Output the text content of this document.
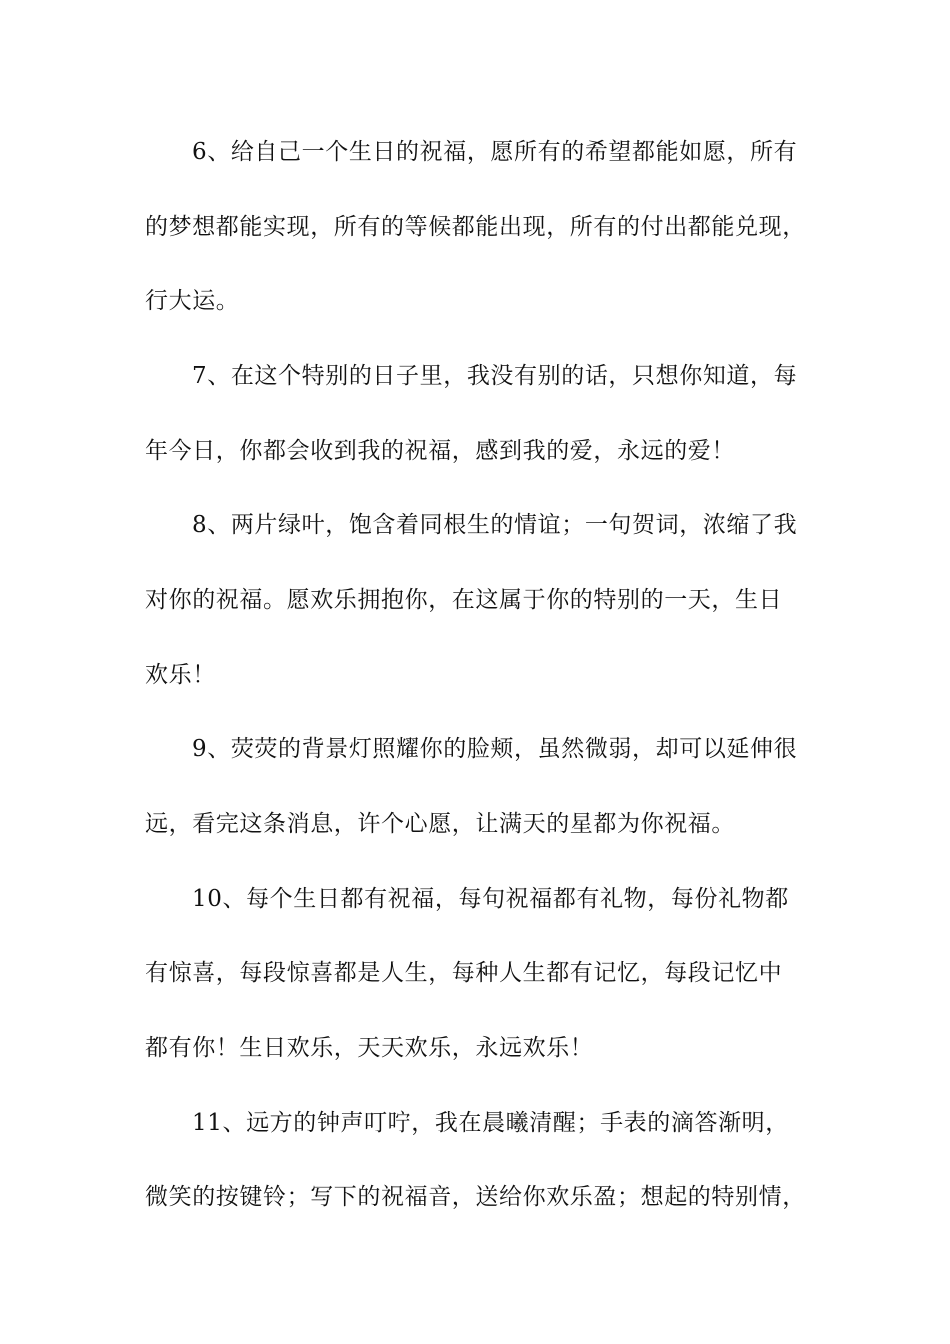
6、给自己一个生日的祝福，愿所有的希望都能如愿，所有
的梦想都能实现，所有的等候都能出现，所有的付出都能兑现，
行大运。
7、在这个特别的日子里，我没有别的话，只想你知道，每
年今日，你都会收到我的祝福，感到我的爱，永远的爱！
8、两片绿叶，饱含着同根生的情谊；一句贺词，浓缩了我
对你的祝福。愿欢乐拥抱你，在这属于你的特别的一天，生日
欢乐！
9、荧荧的背景灯照耀你的脸颊，虽然微弱，却可以延伸很
远，看完这条消息，许个心愿，让满天的星都为你祝福。
10、每个生日都有祝福，每句祝福都有礼物，每份礼物都
有惊喜，每段惊喜都是人生，每种人生都有记忆，每段记忆中
都有你！生日欢乐，天天欢乐，永远欢乐！
11、远方的钟声叮咛，我在晨曦清醒；手表的滴答渐明，
微笑的按键铃；写下的祝福音，送给你欢乐盈；想起的特别情，
